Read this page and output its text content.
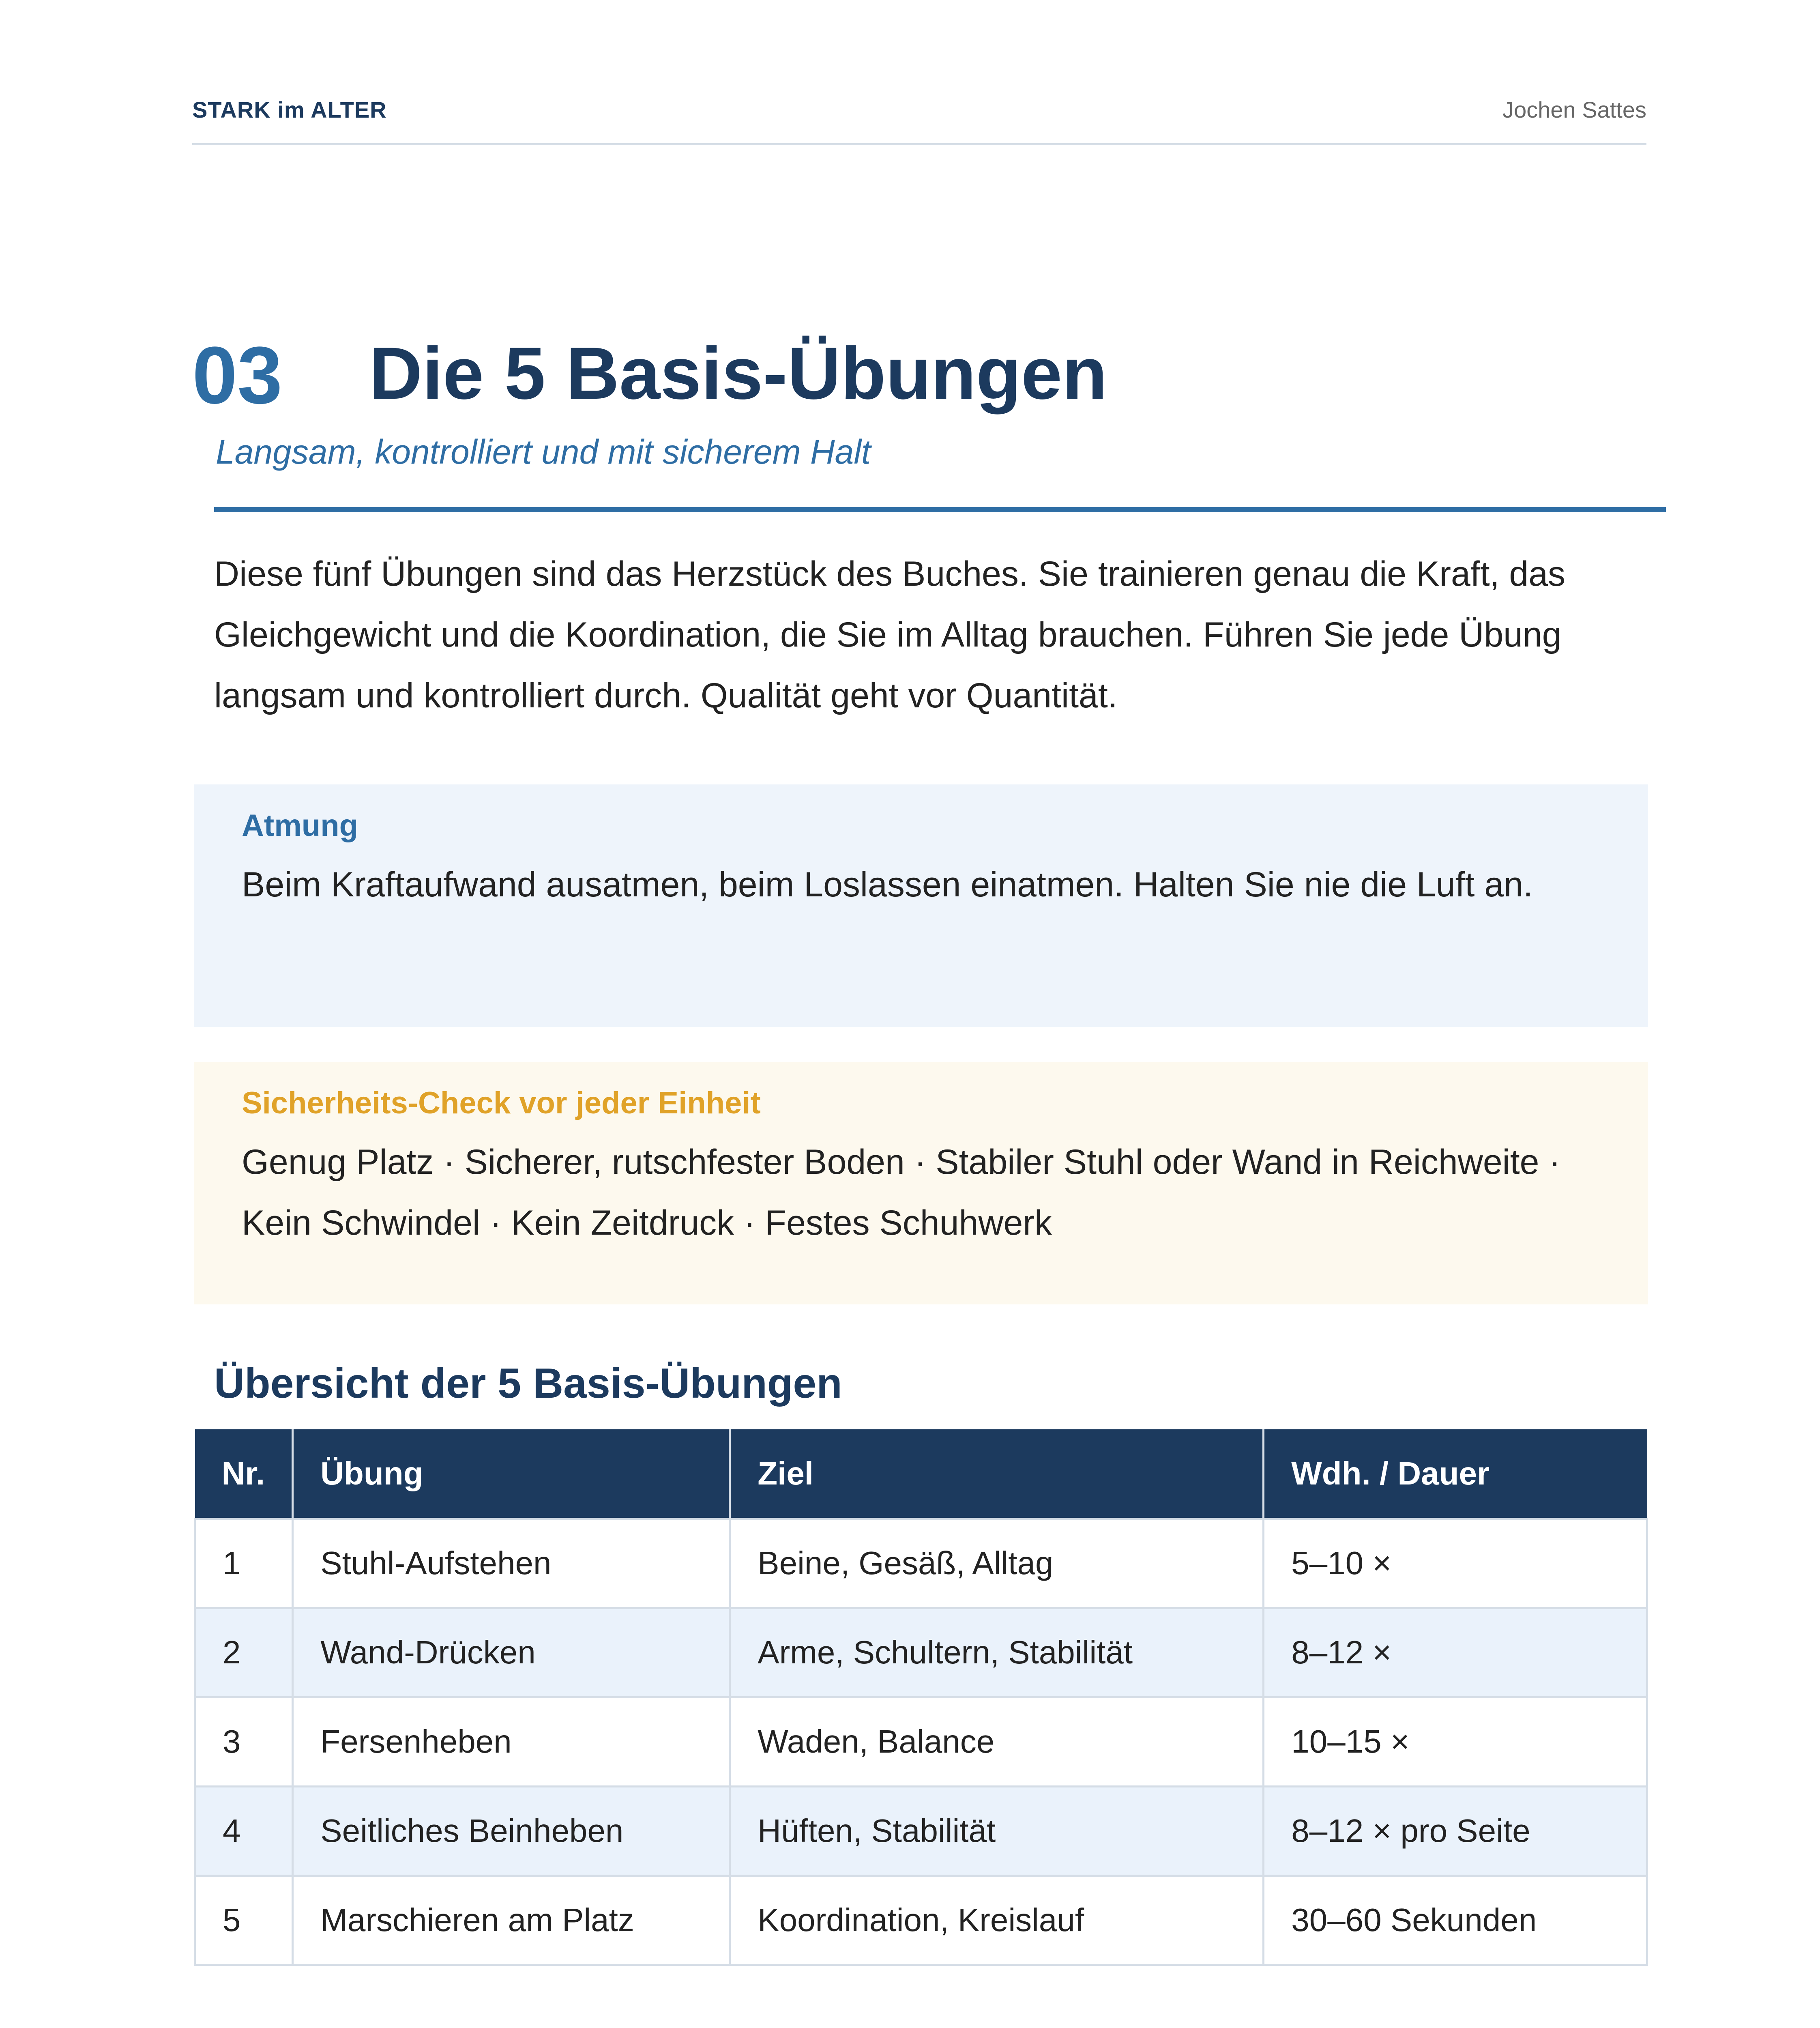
STARK im ALTER	Jochen Sattes
03 Die 5 Basis-Übungen
Langsam, kontrolliert und mit sicherem Halt

Diese fünf Übungen sind das Herzstück des Buches. Sie trainieren genau die Kraft, das Gleichgewicht und die Koordination, die Sie im Alltag brauchen. Führen Sie jede Übung langsam und kontrolliert durch. Qualität geht vor Quantität.

Atmung
Beim Kraftaufwand ausatmen, beim Loslassen einatmen. Halten Sie nie die Luft an.
Sicherheits-Check vor jeder Einheit
Genug Platz · Sicherer, rutschfester Boden · Stabiler Stuhl oder Wand in Reichweite · Kein Schwindel · Kein Zeitdruck · Festes Schuhwerk
Übersicht der 5 Basis-Übungen
Nr.	Übung	Ziel	Wdh. / Dauer
1	Stuhl-Aufstehen	Beine, Gesäß, Alltag	5–10 ×
2	Wand-Drücken	Arme, Schultern, Stabilität	8–12 ×
3	Fersenheben	Waden, Balance	10–15 ×
4	Seitliches Beinheben	Hüften, Stabilität	8–12 × pro Seite
5	Marschieren am Platz	Koordination, Kreislauf	30–60 Sekunden
